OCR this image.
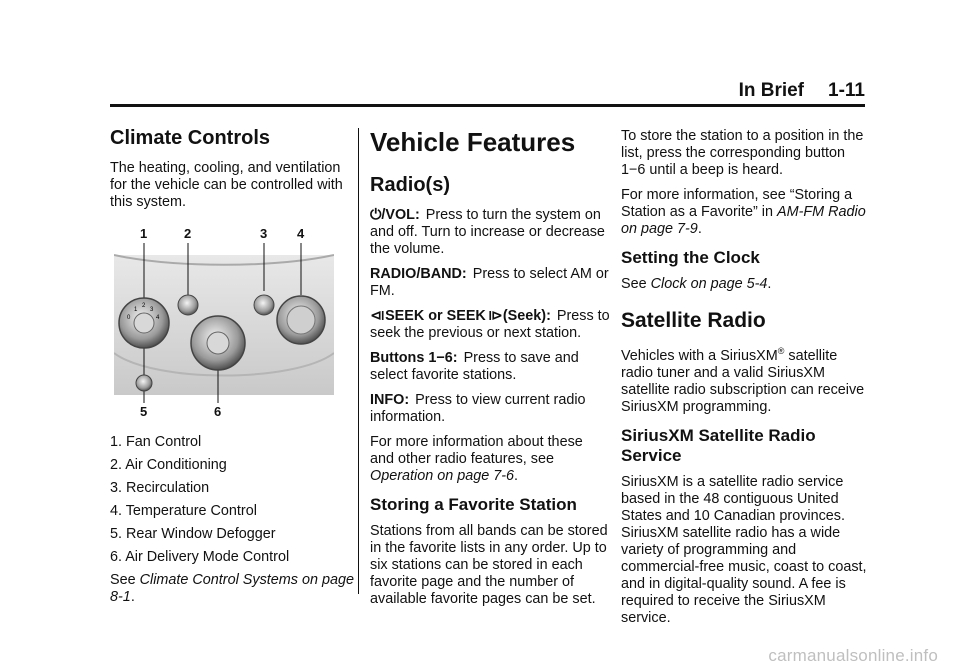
In Brief 1-11
Climate Controls

The heating, cooling, and ventilation for the vehicle can be controlled with this system.

0
1
2
3
4
1	2	3 4
5	6
1. Fan Control
2. Air Conditioning
3. Recirculation
4. Temperature Control
5. Rear Window Defogger
6. Air Delivery Mode Control

See Climate Control Systems on page 8-1.

Vehicle Features
Radio(s)

⏻/VOL: Press to turn the system on and off. Turn to increase or decrease the volume.

RADIO/BAND: Press to select AM or FM.

⧏SEEK or SEEK ⧐(Seek): Press to seek the previous or next station.

Buttons 1−6: Press to save and select favorite stations.

INFO: Press to view current radio information.

For more information about these and other radio features, see Operation on page 7-6.

Storing a Favorite Station

Stations from all bands can be stored in the favorite lists in any order. Up to six stations can be stored in each favorite page and the number of available favorite pages can be set.

To store the station to a position in the list, press the corresponding button 1−6 until a beep is heard.

For more information, see “Storing a Station as a Favorite” in AM-FM Radio on page 7-9.

Setting the Clock

See Clock on page 5-4.

Satellite Radio

Vehicles with a SiriusXM® satellite radio tuner and a valid SiriusXM satellite radio subscription can receive SiriusXM programming.

SiriusXM Satellite Radio Service

SiriusXM is a satellite radio service based in the 48 contiguous United States and 10 Canadian provinces. SiriusXM satellite radio has a wide variety of programming and commercial-free music, coast to coast, and in digital-quality sound. A fee is required to receive the SiriusXM service.

carmanualsonline.info
